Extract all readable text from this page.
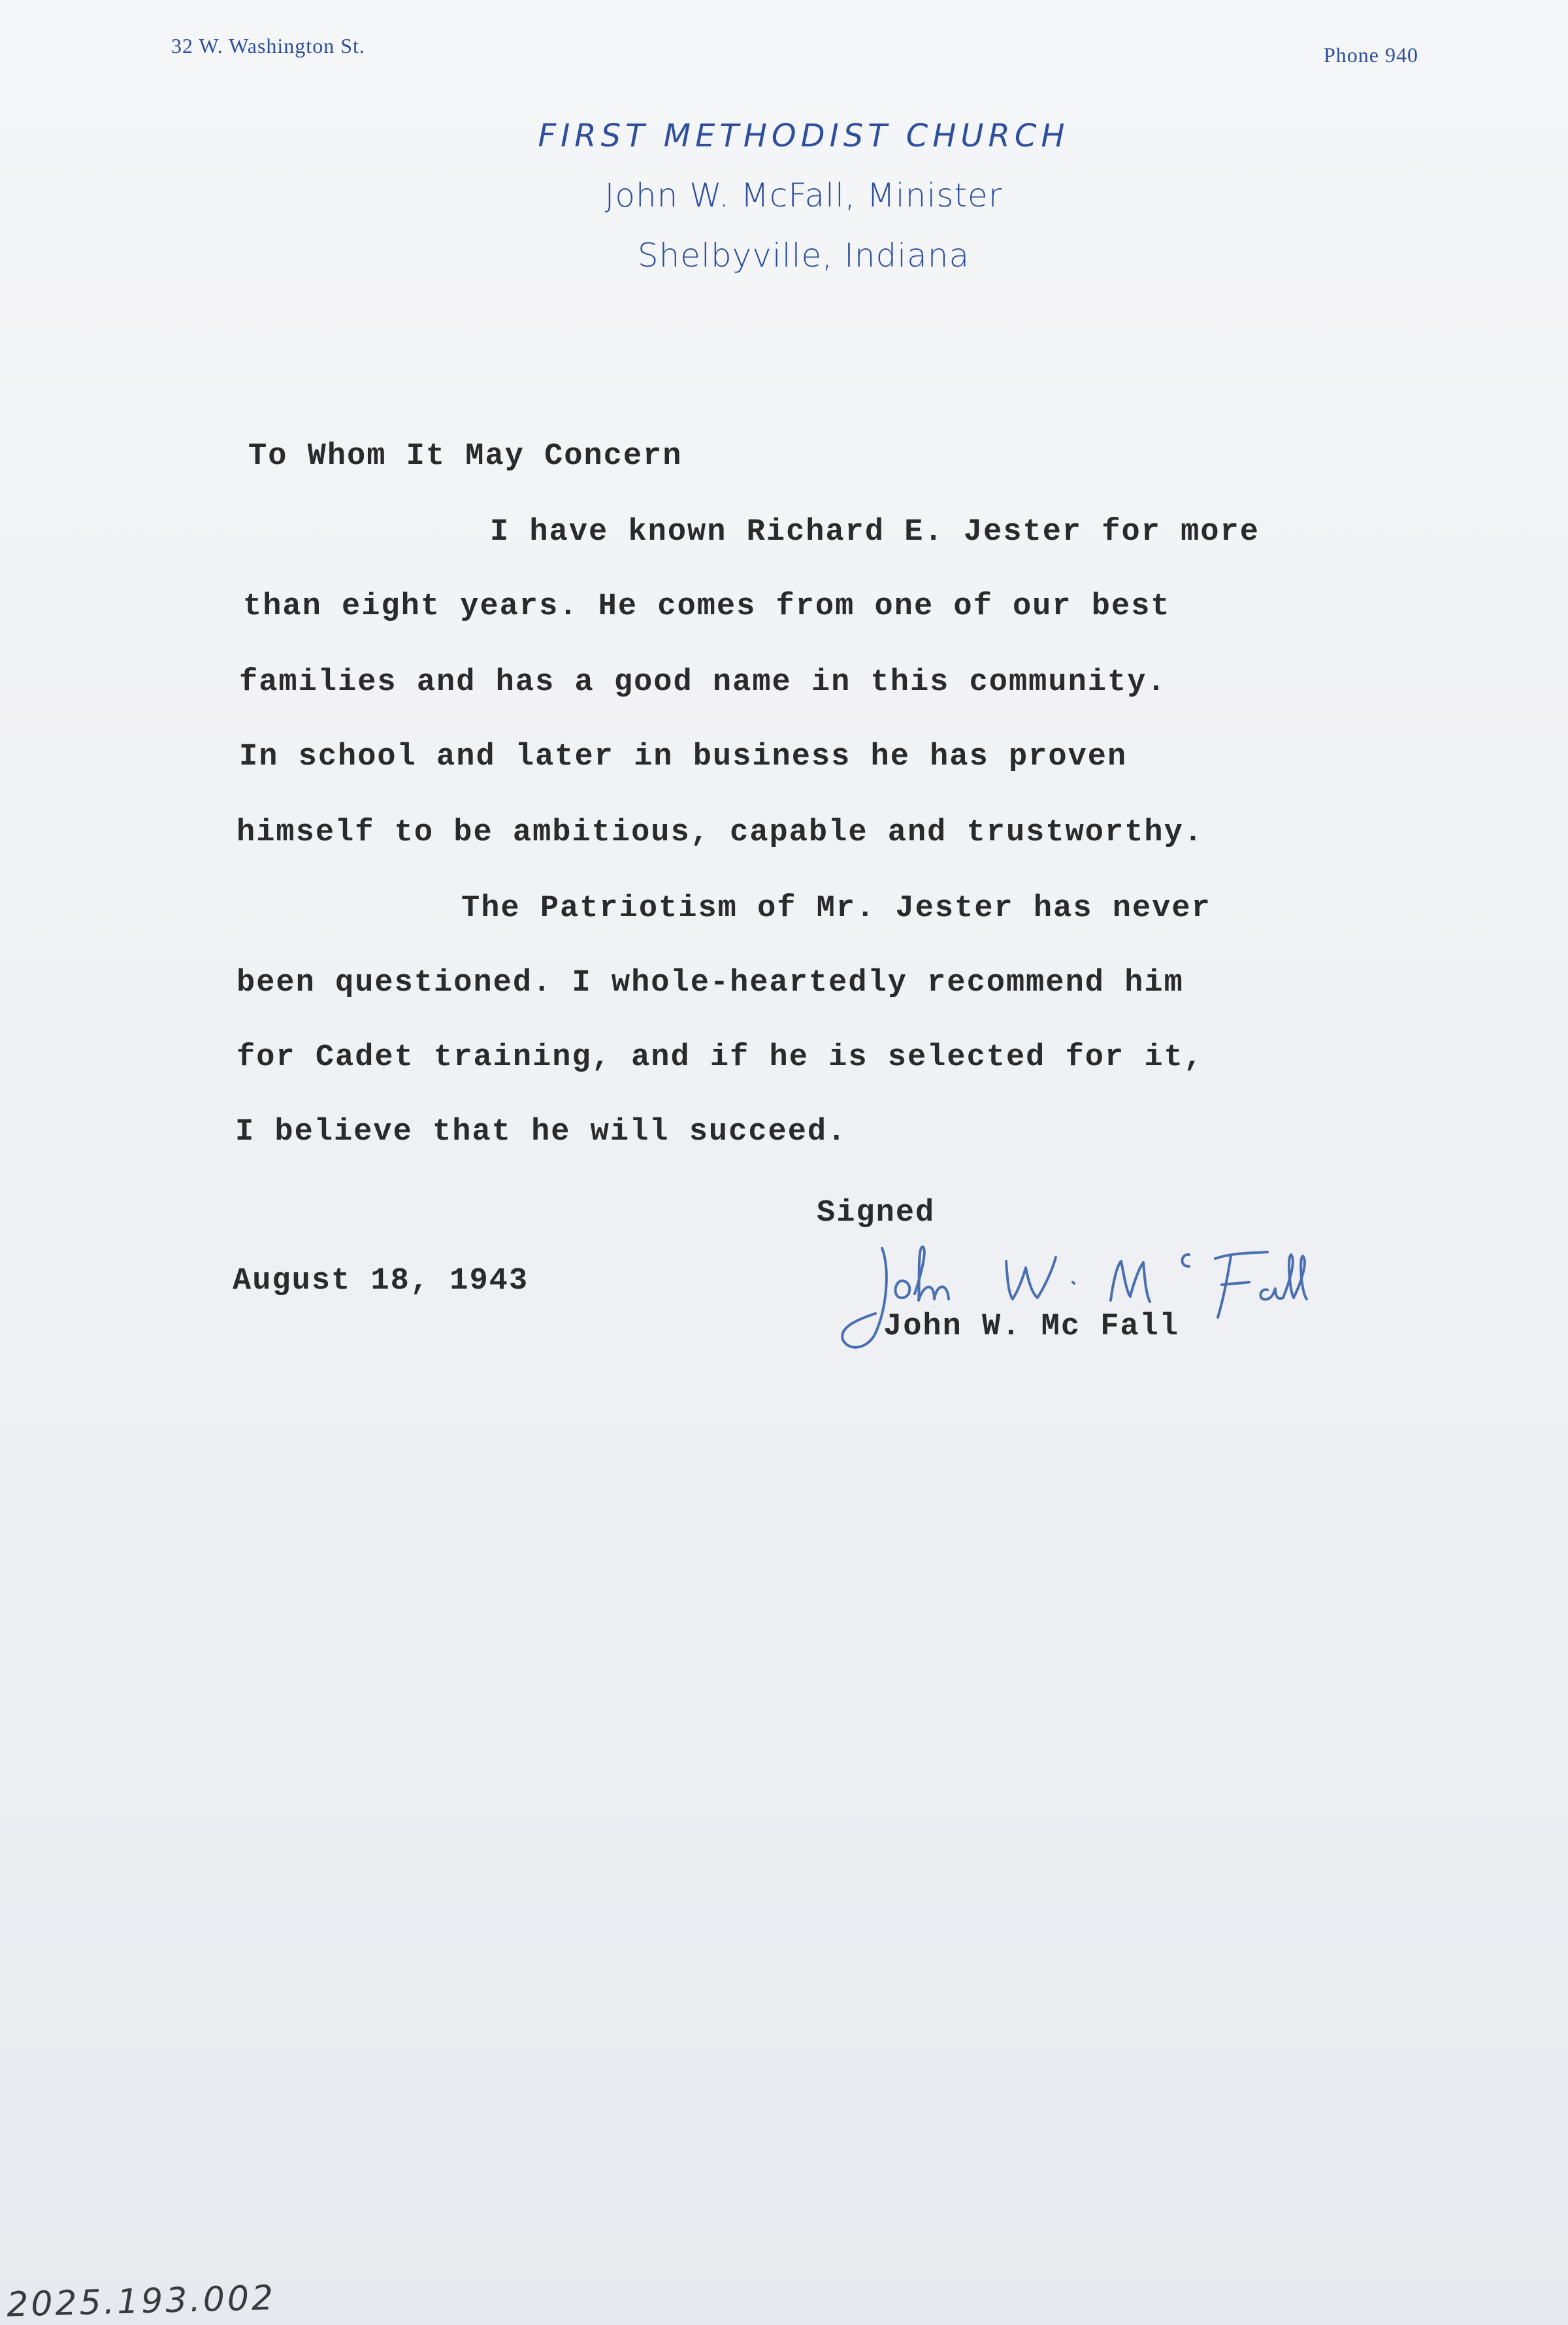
32 W. Washington St.	Phone 940
FIRST METHODIST CHURCH
John W. McFall, Minister
Shelbyville, Indiana
To Whom It May Concern
I have known Richard E. Jester for more
than eight years. He comes from one of our best
families and has a good name in this community.
In school and later in business he has proven
himself to be ambitious, capable and trustworthy.
The Patriotism of Mr. Jester has never
been questioned. I whole-heartedly recommend him
for Cadet training, and if he is selected for it,
I believe that he will succeed.
Signed
August 18, 1943
John W. Mc Fall
2025.193.002
